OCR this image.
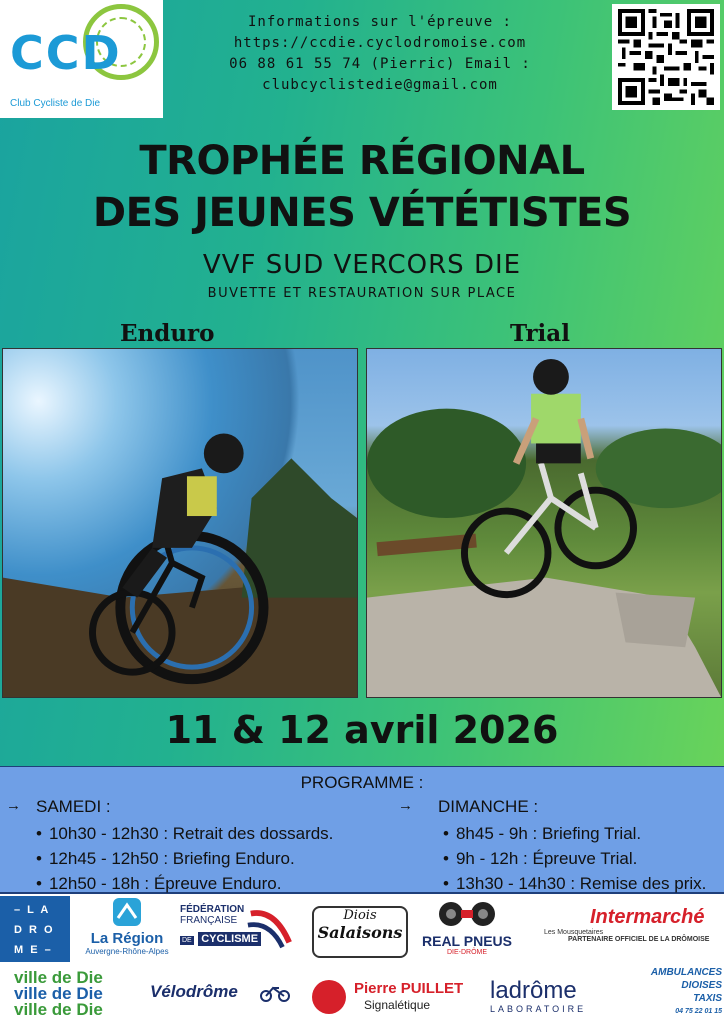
CCD
Club Cycliste de Die
Informations sur l'épreuve :
https://ccdie.cyclodromoise.com
06 88 61 55 74 (Pierric) Email :
clubcyclistedie@gmail.com
TROPHÉE RÉGIONAL
DES JEUNES VÉTÉTISTES
VVF SUD VERCORS DIE
BUVETTE ET RESTAURATION SUR PLACE
Enduro	Trial
11 & 12 avril 2026
PROGRAMME :
→ SAMEDI :
• 10h30 - 12h30 : Retrait des dossards.
• 12h45 - 12h50 : Briefing Enduro.
• 12h50 - 18h : Épreuve Enduro.
→ DIMANCHE :
• 8h45 - 9h : Briefing Trial.
• 9h - 12h : Épreuve Trial.
• 13h30 - 14h30 : Remise des prix.
– L A
D R O
M E –
La Région
Auvergne-Rhône-Alpes
FÉDÉRATION
FRANÇAISE
DE CYCLISME
Diois
Salaisons REAL PNEUS
DIE-DRÔME
Intermarché
Les Mousquetaires
PARTENAIRE OFFICIEL DE LA DRÔMOISE
ville de Die
ville de Die
ville de Die
Vélodrôme	Pierre PUILLET
Signalétique
ladrôme
LABORATOIRE
AMBULANCES
DIOISES
TAXIS
04 75 22 01 15
